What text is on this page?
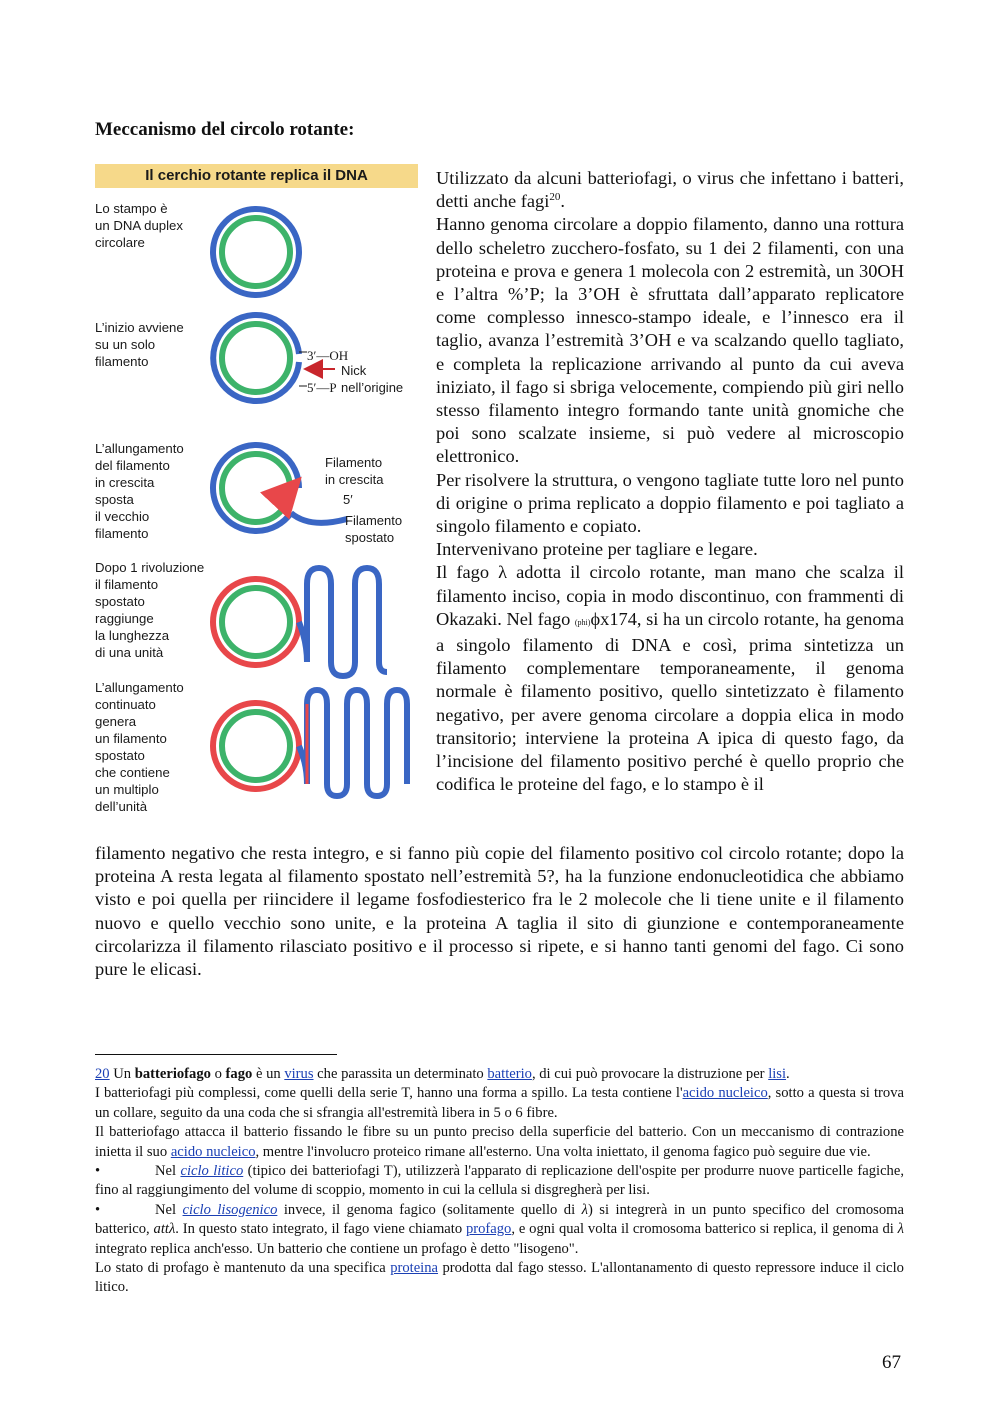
Meccanismo del circolo rotante:
3′—OH
5′—P
Nick
nell’origine
Filamento
in crescita
5′
Filamento
spostato
Il cerchio rotante replica il DNA
Lo stampo è
un DNA duplex
circolare
L’inizio avviene
su un solo
filamento
L’allungamento
del filamento
in crescita
sposta
il vecchio
filamento
Dopo 1 rivoluzione
il filamento
spostato
raggiunge
la lunghezza
di una unità
L’allungamento
continuato
genera
un filamento
spostato
che contiene
un multiplo
dell’unità

Utilizzato da alcuni batteriofagi, o virus che infettano i batteri, detti anche fagi$^{20}$.

Hanno genoma circolare a doppio filamento, danno una rottura dello scheletro zucchero-fosfato, su 1 dei 2 filamenti, con una proteina e prova e genera 1 molecola con 2 estremità, un 30OH e l’altra %’P; la 3’OH è sfruttata dall’apparato replicatore come complesso innesco-stampo ideale, e l’innesco era il taglio, avanza l’estremità 3’OH e va scalzando quello tagliato, e completa la replicazione arrivando al punto da cui aveva iniziato, il fago si sbriga velocemente, compiendo più giri nello stesso filamento integro formando tante unità gnomiche che poi sono scalzate insieme, si può vedere al microscopio elettronico.

Per risolvere la struttura, o vengono tagliate tutte loro nel punto di origine o prima replicato a doppio filamento e poi tagliato a singolo filamento e copiato.

Intervenivano proteine per tagliare e legare.

Il fago λ adotta il circolo rotante, man mano che scalza il filamento inciso, copia in modo discontinuo, con frammenti di Okazaki. Nel fago (phi)ϕx174, si ha un circolo rotante, ha genoma a singolo filamento di DNA e così, prima sintetizza un filamento complementare temporaneamente, il genoma normale è filamento positivo, quello sintetizzato è filamento negativo, per avere genoma circolare a doppia elica in modo transitorio; interviene la proteina A ipica di questo fago, da l’incisione del filamento positivo perché è quello proprio che codifica le proteine del fago, e lo stampo è il

filamento negativo che resta integro, e si fanno più copie del filamento positivo col circolo rotante; dopo la proteina A resta legata al filamento spostato nell’estremità 5?, ha la funzione endonucleotidica che abbiamo visto e poi quella per riincidere il legame fosfodiesterico fra le 2 molecole che li tiene unite e il filamento nuovo e quello vecchio sono unite, e la proteina A taglia il sito di giunzione e contemporaneamente circolarizza il filamento rilasciato positivo e il processo si ripete, e si hanno tanti genomi del fago. Ci sono pure le elicasi.

20 Un batteriofago o fago è un virus che parassita un determinato batterio, di cui può provocare la distruzione per lisi.

I batteriofagi più complessi, come quelli della serie T, hanno una forma a spillo. La testa contiene l'acido nucleico, sotto a questa si trova un collare, seguito da una coda che si sfrangia all'estremità libera in 5 o 6 fibre.

Il batteriofago attacca il batterio fissando le fibre su un punto preciso della superficie del batterio. Con un meccanismo di contrazione inietta il suo acido nucleico, mentre l'involucro proteico rimane all'esterno. Una volta iniettato, il genoma fagico può seguire due vie.

•	Nel ciclo litico (tipico dei batteriofagi T), utilizzerà l'apparato di replicazione dell'ospite per produrre nuove particelle fagiche, fino al raggiungimento del volume di scoppio, momento in cui la cellula si disgregherà per lisi.

•	Nel ciclo lisogenico invece, il genoma fagico (solitamente quello di λ) si integrerà in un punto specifico del cromosoma batterico, attλ. In questo stato integrato, il fago viene chiamato profago, e ogni qual volta il cromosoma batterico si replica, il genoma di λ integrato replica anch'esso. Un batterio che contiene un profago è detto "lisogeno".

Lo stato di profago è mantenuto da una specifica proteina prodotta dal fago stesso. L'allontanamento di questo repressore induce il ciclo litico.

67
